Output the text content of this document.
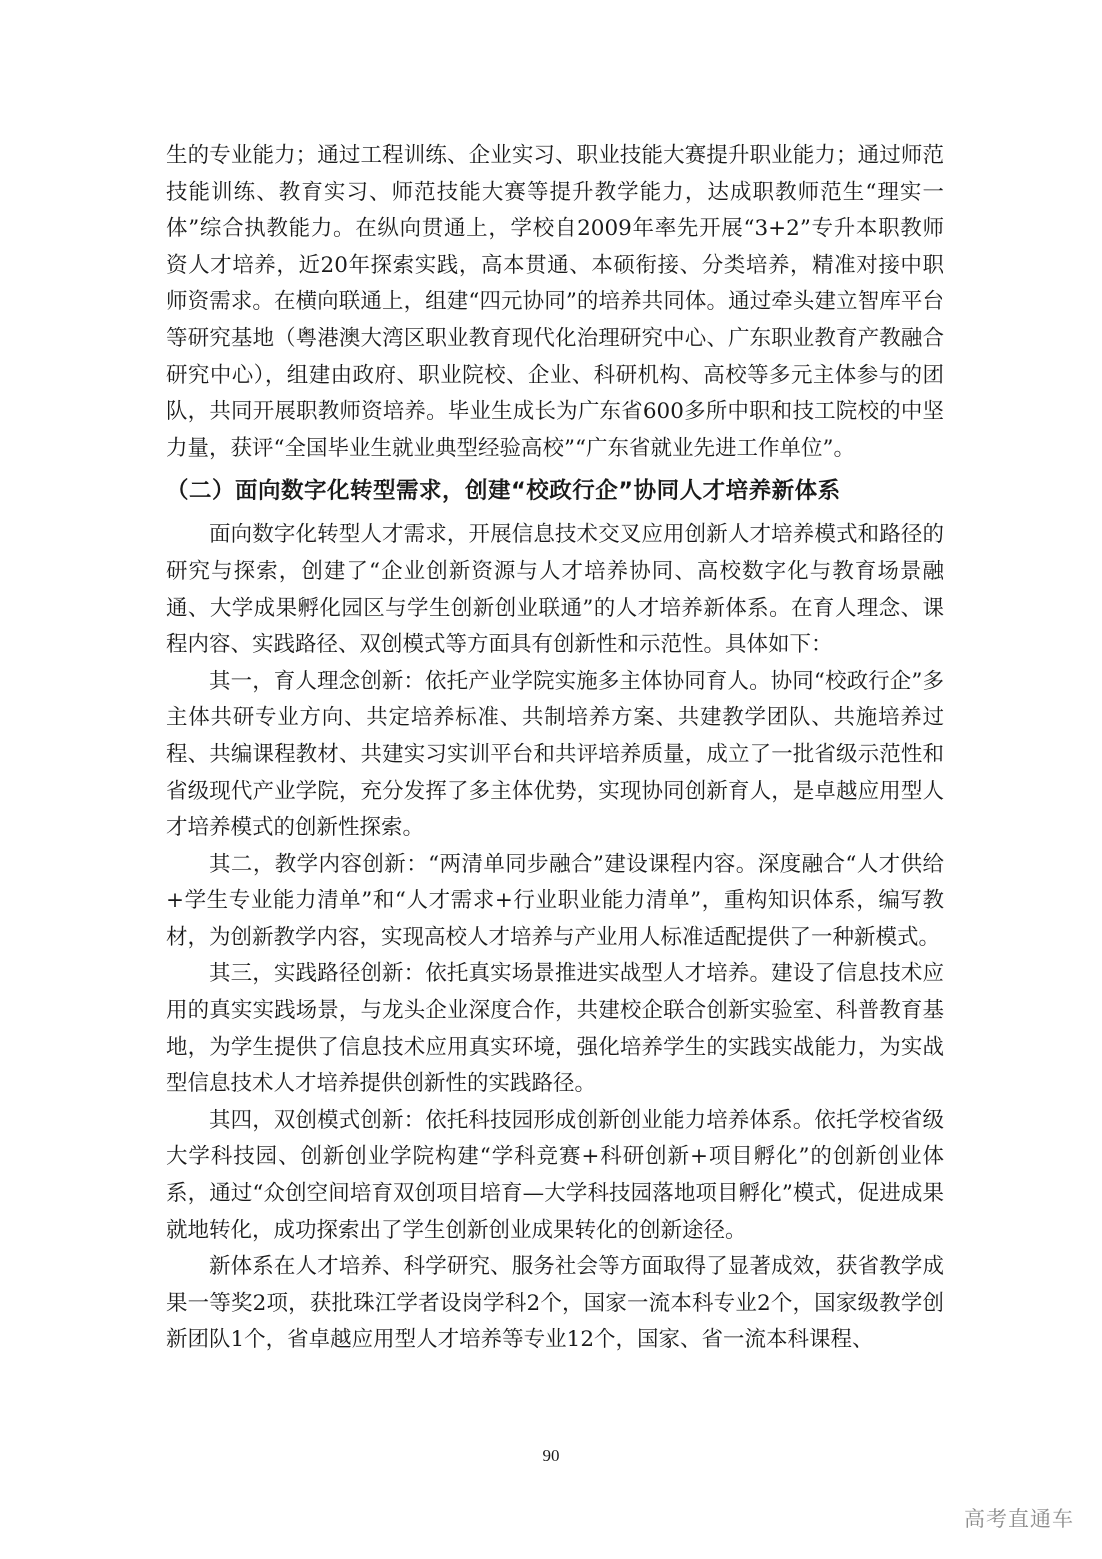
生的专业能力；通过工程训练、企业实习、职业技能大赛提升职业能力；通过师范技能训练、教育实习、师范技能大赛等提升教学能力，达成职教师范生“理实一体”综合执教能力。在纵向贯通上，学校自2009年率先开展“3+2”专升本职教师资人才培养，近20年探索实践，高本贯通、本硕衔接、分类培养，精准对接中职师资需求。在横向联通上，组建“四元协同”的培养共同体。通过牵头建立智库平台等研究基地（粤港澳大湾区职业教育现代化治理研究中心、广东职业教育产教融合研究中心），组建由政府、职业院校、企业、科研机构、高校等多元主体参与的团队，共同开展职教师资培养。毕业生成长为广东省600多所中职和技工院校的中坚力量，获评“全国毕业生就业典型经验高校”“广东省就业先进工作单位”。

（二）面向数字化转型需求，创建“校政行企”协同人才培养新体系

面向数字化转型人才需求，开展信息技术交叉应用创新人才培养模式和路径的研究与探索，创建了“企业创新资源与人才培养协同、高校数字化与教育场景融通、大学成果孵化园区与学生创新创业联通”的人才培养新体系。在育人理念、课程内容、实践路径、双创模式等方面具有创新性和示范性。具体如下：

其一，育人理念创新：依托产业学院实施多主体协同育人。协同“校政行企”多主体共研专业方向、共定培养标准、共制培养方案、共建教学团队、共施培养过程、共编课程教材、共建实习实训平台和共评培养质量，成立了一批省级示范性和省级现代产业学院，充分发挥了多主体优势，实现协同创新育人，是卓越应用型人才培养模式的创新性探索。

其二，教学内容创新：“两清单同步融合”建设课程内容。深度融合“人才供给+学生专业能力清单”和“人才需求+行业职业能力清单”，重构知识体系，编写教材，为创新教学内容，实现高校人才培养与产业用人标准适配提供了一种新模式。

其三，实践路径创新：依托真实场景推进实战型人才培养。建设了信息技术应用的真实实践场景，与龙头企业深度合作，共建校企联合创新实验室、科普教育基地，为学生提供了信息技术应用真实环境，强化培养学生的实践实战能力，为实战型信息技术人才培养提供创新性的实践路径。

其四，双创模式创新：依托科技园形成创新创业能力培养体系。依托学校省级大学科技园、创新创业学院构建“学科竞赛+科研创新+项目孵化”的创新创业体系，通过“众创空间培育双创项目培育—大学科技园落地项目孵化”模式，促进成果就地转化，成功探索出了学生创新创业成果转化的创新途径。

新体系在人才培养、科学研究、服务社会等方面取得了显著成效，获省教学成果一等奖2项，获批珠江学者设岗学科2个，国家一流本科专业2个，国家级教学创新团队1个，省卓越应用型人才培养等专业12个，国家、省一流本科课程、

90
高考直通车
